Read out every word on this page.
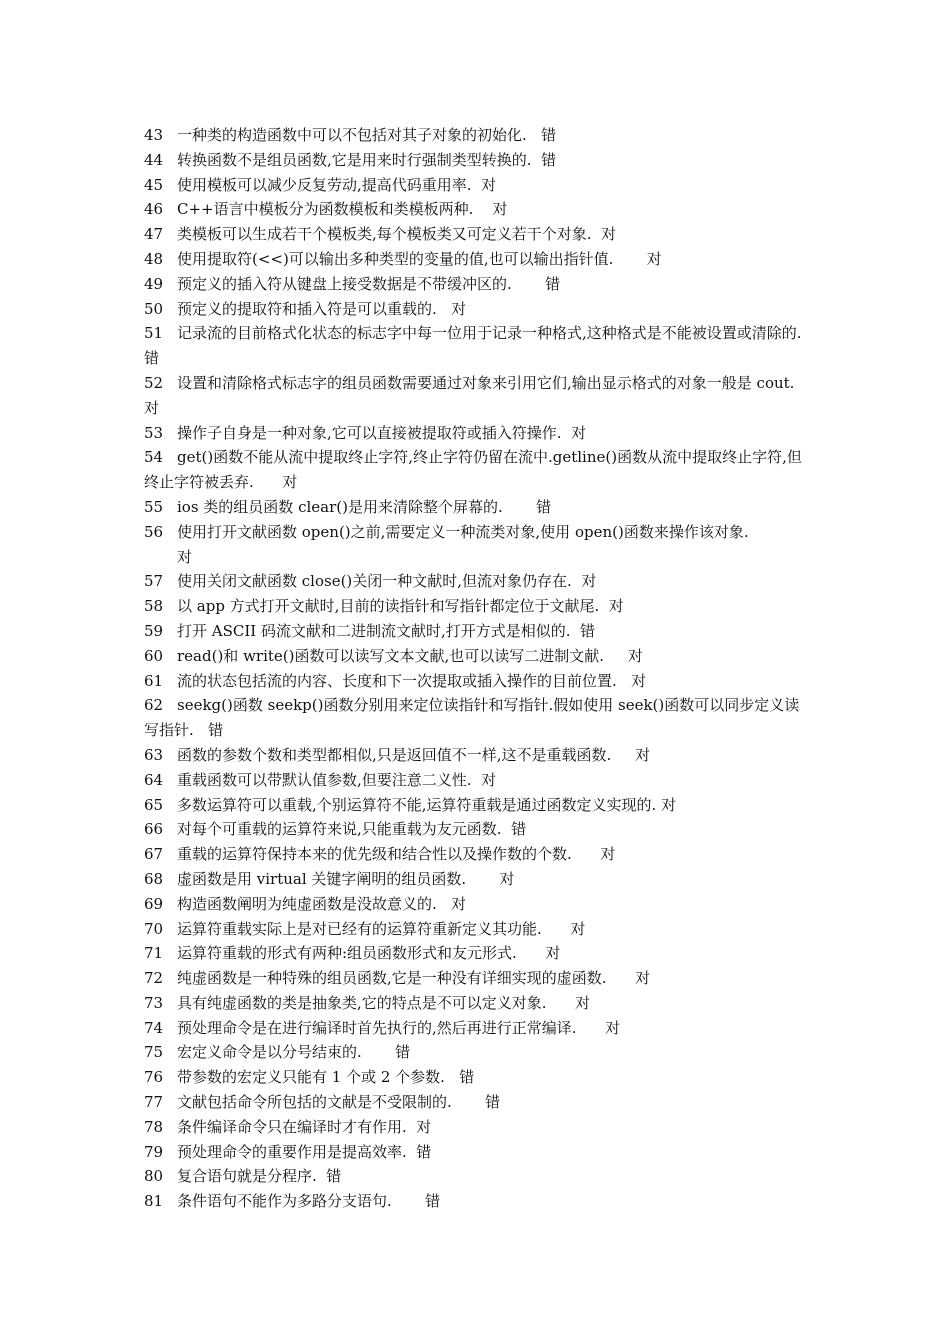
43 一种类的构造函数中可以不包括对其子对象的初始化.   错
44 转换函数不是组员函数,它是用来时行强制类型转换的.  错
45 使用模板可以减少反复劳动,提高代码重用率.  对
46 C++语言中模板分为函数模板和类模板两种.    对
47 类模板可以生成若干个模板类,每个模板类又可定义若干个对象.  对
48 使用提取符(<<)可以输出多种类型的变量的值,也可以输出指针值.       对
49 预定义的插入符从键盘上接受数据是不带缓冲区的.       错
50 预定义的提取符和插入符是可以重载的.   对
51 记录流的目前格式化状态的标志字中每一位用于记录一种格式,这种格式是不能被设置或清除的.       错
52 设置和清除格式标志字的组员函数需要通过对象来引用它们,输出显示格式的对象一般是 cout.   对
53 操作子自身是一种对象,它可以直接被提取符或插入符操作.  对
54 get()函数不能从流中提取终止字符,终止字符仍留在流中.getline()函数从流中提取终止字符,但终止字符被丢弃.      对
55 ios 类的组员函数 clear()是用来清除整个屏幕的.       错
56 使用打开文献函数 open()之前,需要定义一种流类对象,使用 open()函数来操作该对象.
对
57 使用关闭文献函数 close()关闭一种文献时,但流对象仍存在.  对
58 以 app 方式打开文献时,目前的读指针和写指针都定位于文献尾.  对
59 打开 ASCII 码流文献和二进制流文献时,打开方式是相似的.  错
60 read()和 write()函数可以读写文本文献,也可以读写二进制文献.     对
61 流的状态包括流的内容、长度和下一次提取或插入操作的目前位置.   对
62 seekg()函数 seekp()函数分别用来定位读指针和写指针.假如使用 seek()函数可以同步定义读写指针.   错
63 函数的参数个数和类型都相似,只是返回值不一样,这不是重载函数.     对
64 重载函数可以带默认值参数,但要注意二义性.  对
65 多数运算符可以重载,个别运算符不能,运算符重载是通过函数定义实现的. 对
66 对每个可重载的运算符来说,只能重载为友元函数.  错
67 重载的运算符保持本来的优先级和结合性以及操作数的个数.      对
68 虚函数是用 virtual 关键字阐明的组员函数.       对
69 构造函数阐明为纯虚函数是没故意义的.   对
70 运算符重载实际上是对已经有的运算符重新定义其功能.      对
71 运算符重载的形式有两种:组员函数形式和友元形式.      对
72 纯虚函数是一种特殊的组员函数,它是一种没有详细实现的虚函数.      对
73 具有纯虚函数的类是抽象类,它的特点是不可以定义对象.      对
74 预处理命令是在进行编译时首先执行的,然后再进行正常编译.      对
75 宏定义命令是以分号结束的.       错
76 带参数的宏定义只能有 1 个或 2 个参数.   错
77 文献包括命令所包括的文献是不受限制的.       错
78 条件编译命令只在编译时才有作用.  对
79 预处理命令的重要作用是提高效率.  错
80 复合语句就是分程序.  错
81 条件语句不能作为多路分支语句.       错
